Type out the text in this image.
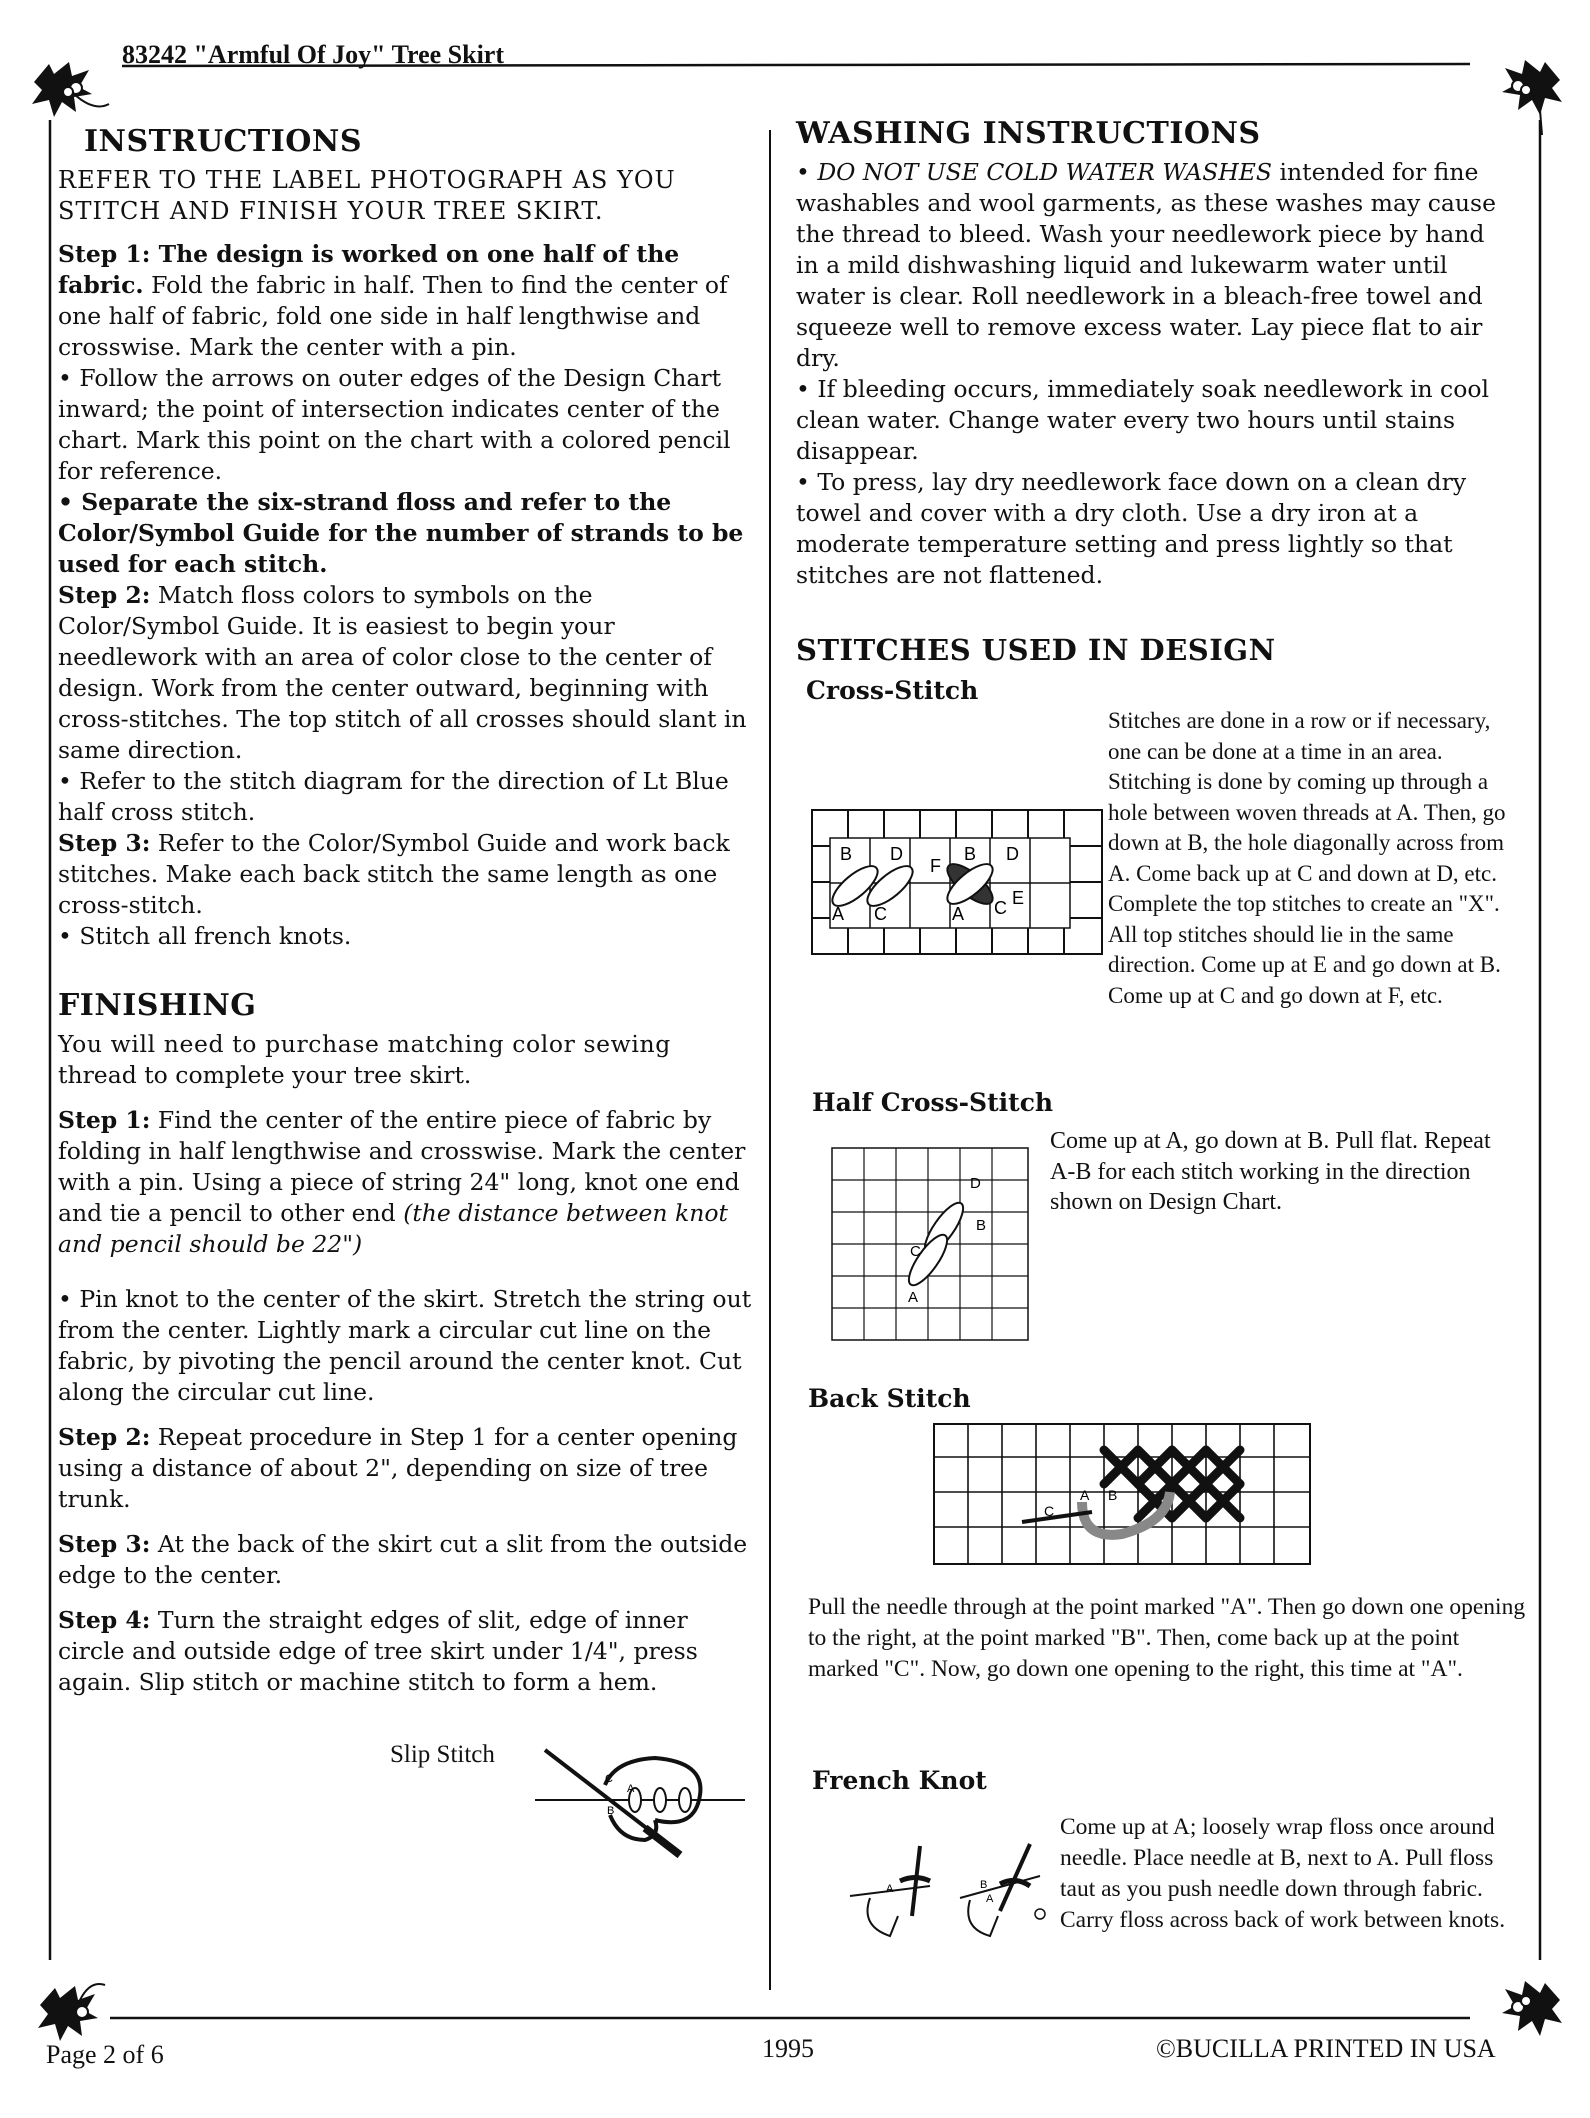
83242 "Armful Of Joy" Tree Skirt
INSTRUCTIONS

REFER TO THE LABEL PHOTOGRAPH AS YOU STITCH AND FINISH YOUR TREE SKIRT.

Step 1: The design is worked on one half of the fabric. Fold the fabric in half. Then to find the center of one half of fabric, fold one side in half lengthwise and crosswise. Mark the center with a pin.

• Follow the arrows on outer edges of the Design Chart inward; the point of intersection indicates center of the chart. Mark this point on the chart with a colored pencil for reference.

• Separate the six-strand floss and refer to the Color/Symbol Guide for the number of strands to be used for each stitch.

Step 2: Match floss colors to symbols on the Color/Symbol Guide. It is easiest to begin your needlework with an area of color close to the center of design. Work from the center outward, beginning with cross-stitches. The top stitch of all crosses should slant in same direction.

• Refer to the stitch diagram for the direction of Lt Blue half cross stitch.

Step 3: Refer to the Color/Symbol Guide and work back stitches. Make each back stitch the same length as one cross-stitch.

• Stitch all french knots.

FINISHING

You will need to purchase matching color sewing

thread to complete your tree skirt.

Step 1: Find the center of the entire piece of fabric by folding in half lengthwise and crosswise. Mark the center with a pin. Using a piece of string 24" long, knot one end and tie a pencil to other end (the distance between knot and pencil should be 22")

• Pin knot to the center of the skirt. Stretch the string out from the center. Lightly mark a circular cut line on the fabric, by pivoting the pencil around the center knot. Cut along the circular cut line.

Step 2: Repeat procedure in Step 1 for a center opening using a distance of about 2", depending on size of tree trunk.

Step 3: At the back of the skirt cut a slit from the outside edge to the center.

Step 4: Turn the straight edges of slit, edge of inner circle and outside edge of tree skirt under 1/4", press again. Slip stitch or machine stitch to form a hem.

Slip Stitch
C
A
B
WASHING INSTRUCTIONS

• DO NOT USE COLD WATER WASHES intended for fine washables and wool garments, as these washes may cause the thread to bleed. Wash your needlework piece by hand in a mild dishwashing liquid and lukewarm water until water is clear. Roll needlework in a bleach-free towel and squeeze well to remove excess water. Lay piece flat to air dry.

• If bleeding occurs, immediately soak needlework in cool clean water. Change water every two hours until stains disappear.

• To press, lay dry needlework face down on a clean dry towel and cover with a dry cloth. Use a dry iron at a moderate temperature setting and press lightly so that stitches are not flattened.

STITCHES USED IN DESIGN
Cross-Stitch

Stitches are done in a row or if necessary, one can be done at a time in an area. Stitching is done by coming up through a hole between woven threads at A. Then, go down at B, the hole diagonally across from A. Come back up at C and down at D, etc. Complete the top stitches to create an "X". All top stitches should lie in the same direction. Come up at E and go down at B. Come up at C and go down at F, etc.

B D
F
B D
A C	A C E
Half Cross-Stitch

Come up at A, go down at B. Pull flat. Repeat A-B for each stitch working in the direction shown on Design Chart.

D
B
C
A
Back Stitch
A B
C

Pull the needle through at the point marked "A". Then go down one opening to the right, at the point marked "B". Then, come back up at the point marked "C". Now, go down one opening to the right, this time at "A".

French Knot

Come up at A; loosely wrap floss once around needle. Place needle at B, next to A. Pull floss taut as you push needle down through fabric. Carry floss across back of work between knots.

A	B
A
Page 2 of 6	1995	©BUCILLA PRINTED IN USA
